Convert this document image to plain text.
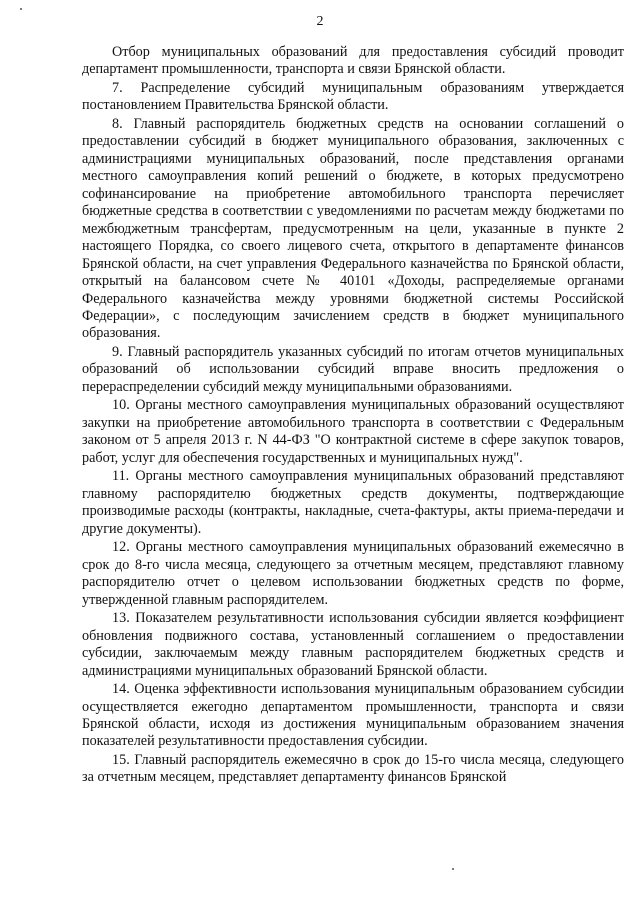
2

Отбор муниципальных образований для предоставления субсидий проводит департамент промышленности, транспорта и связи Брянской области.

7. Распределение субсидий муниципальным образованиям утверждается постановлением Правительства Брянской области.

8. Главный распорядитель бюджетных средств на основании соглашений о предоставлении субсидий в бюджет муниципального образования, заключенных с администрациями муниципальных образований, после представления органами местного самоуправления копий решений о бюджете, в которых предусмотрено софинансирование на приобретение автомобильного транспорта перечисляет бюджетные средства в соответствии с уведомлениями по расчетам между бюджетами по межбюджетным трансфертам, предусмотренным на цели, указанные в пункте 2 настоящего Порядка, со своего лицевого счета, открытого в департаменте финансов Брянской области, на счет управления Федерального казначейства по Брянской области, открытый на балансовом счете № 40101 «Доходы, распределяемые органами Федерального казначейства между уровнями бюджетной системы Российской Федерации», с последующим зачислением средств в бюджет муниципального образования.

9. Главный распорядитель указанных субсидий по итогам отчетов муниципальных образований об использовании субсидий вправе вносить предложения о перераспределении субсидий между муниципальными образованиями.

10. Органы местного самоуправления муниципальных образований осуществляют закупки на приобретение автомобильного транспорта в соответствии с Федеральным законом от 5 апреля 2013 г. N 44-ФЗ "О контрактной системе в сфере закупок товаров, работ, услуг для обеспечения государственных и муниципальных нужд".

11. Органы местного самоуправления муниципальных образований представляют главному распорядителю бюджетных средств документы, подтверждающие производимые расходы (контракты, накладные, счета-фактуры, акты приема-передачи и другие документы).

12. Органы местного самоуправления муниципальных образований ежемесячно в срок до 8-го числа месяца, следующего за отчетным месяцем, представляют главному распорядителю отчет о целевом использовании бюджетных средств по форме, утвержденной главным распорядителем.

13. Показателем результативности использования субсидии является коэффициент обновления подвижного состава, установленный соглашением о предоставлении субсидии, заключаемым между главным распорядителем бюджетных средств и администрациями муниципальных образований Брянской области.

14. Оценка эффективности использования муниципальным образованием субсидии осуществляется ежегодно департаментом промышленности, транспорта и связи Брянской области, исходя из достижения муниципальным образованием значения показателей результативности предоставления субсидии.

15. Главный распорядитель ежемесячно в срок до 15-го числа месяца, следующего за отчетным месяцем, представляет департаменту финансов Брянской
